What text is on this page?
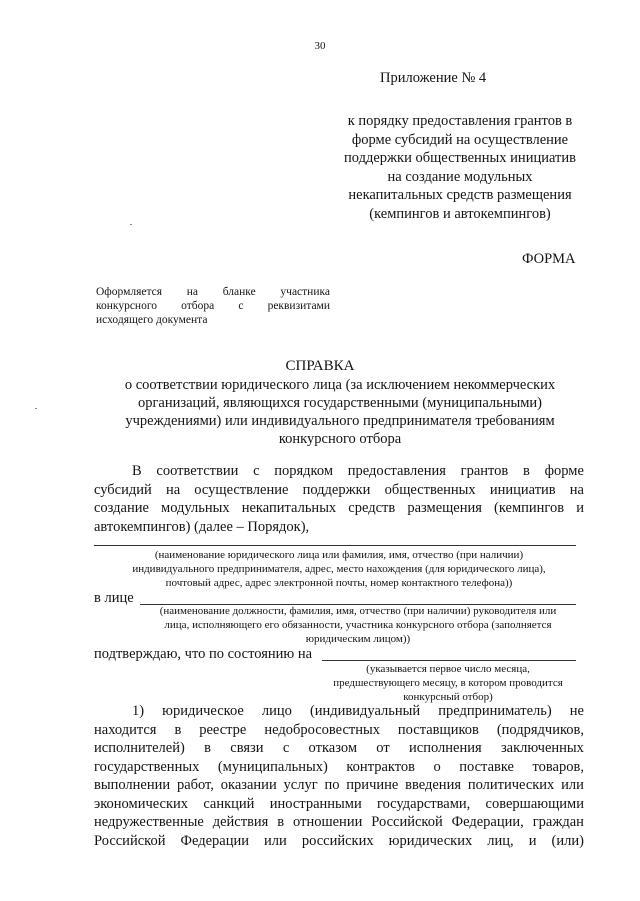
30
Приложение № 4
к порядку предоставления грантов в
форме субсидий на осуществление
поддержки общественных инициатив
на создание модульных
некапитальных средств размещения
(кемпингов и автокемпингов)
ФОРМА
Оформляется на бланке участника
конкурсного отбора с реквизитами
исходящего документа
СПРАВКА
о соответствии юридического лица (за исключением некоммерческих
организаций, являющихся государственными (муниципальными)
учреждениями) или индивидуального предпринимателя требованиям
конкурсного отбора
В соответствии с порядком предоставления грантов в форме
субсидий на осуществление поддержки общественных инициатив на
создание модульных некапитальных средств размещения (кемпингов и
автокемпингов) (далее – Порядок),
(наименование юридического лица или фамилия, имя, отчество (при наличии)
индивидуального предпринимателя, адрес, место нахождения (для юридического лица),
почтовый адрес, адрес электронной почты, номер контактного телефона))
в лице
(наименование должности, фамилия, имя, отчество (при наличии) руководителя или
лица, исполняющего его обязанности, участника конкурсного отбора (заполняется
юридическим лицом))
подтверждаю, что по состоянию на
(указывается первое число месяца,
предшествующего месяцу, в котором проводится
конкурсный отбор)
1) юридическое лицо (индивидуальный предприниматель) не
находится в реестре недобросовестных поставщиков (подрядчиков,
исполнителей) в связи с отказом от исполнения заключенных
государственных (муниципальных) контрактов о поставке товаров,
выполнении работ, оказании услуг по причине введения политических или
экономических санкций иностранными государствами, совершающими
недружественные действия в отношении Российской Федерации, граждан
Российской Федерации или российских юридических лиц, и (или)
